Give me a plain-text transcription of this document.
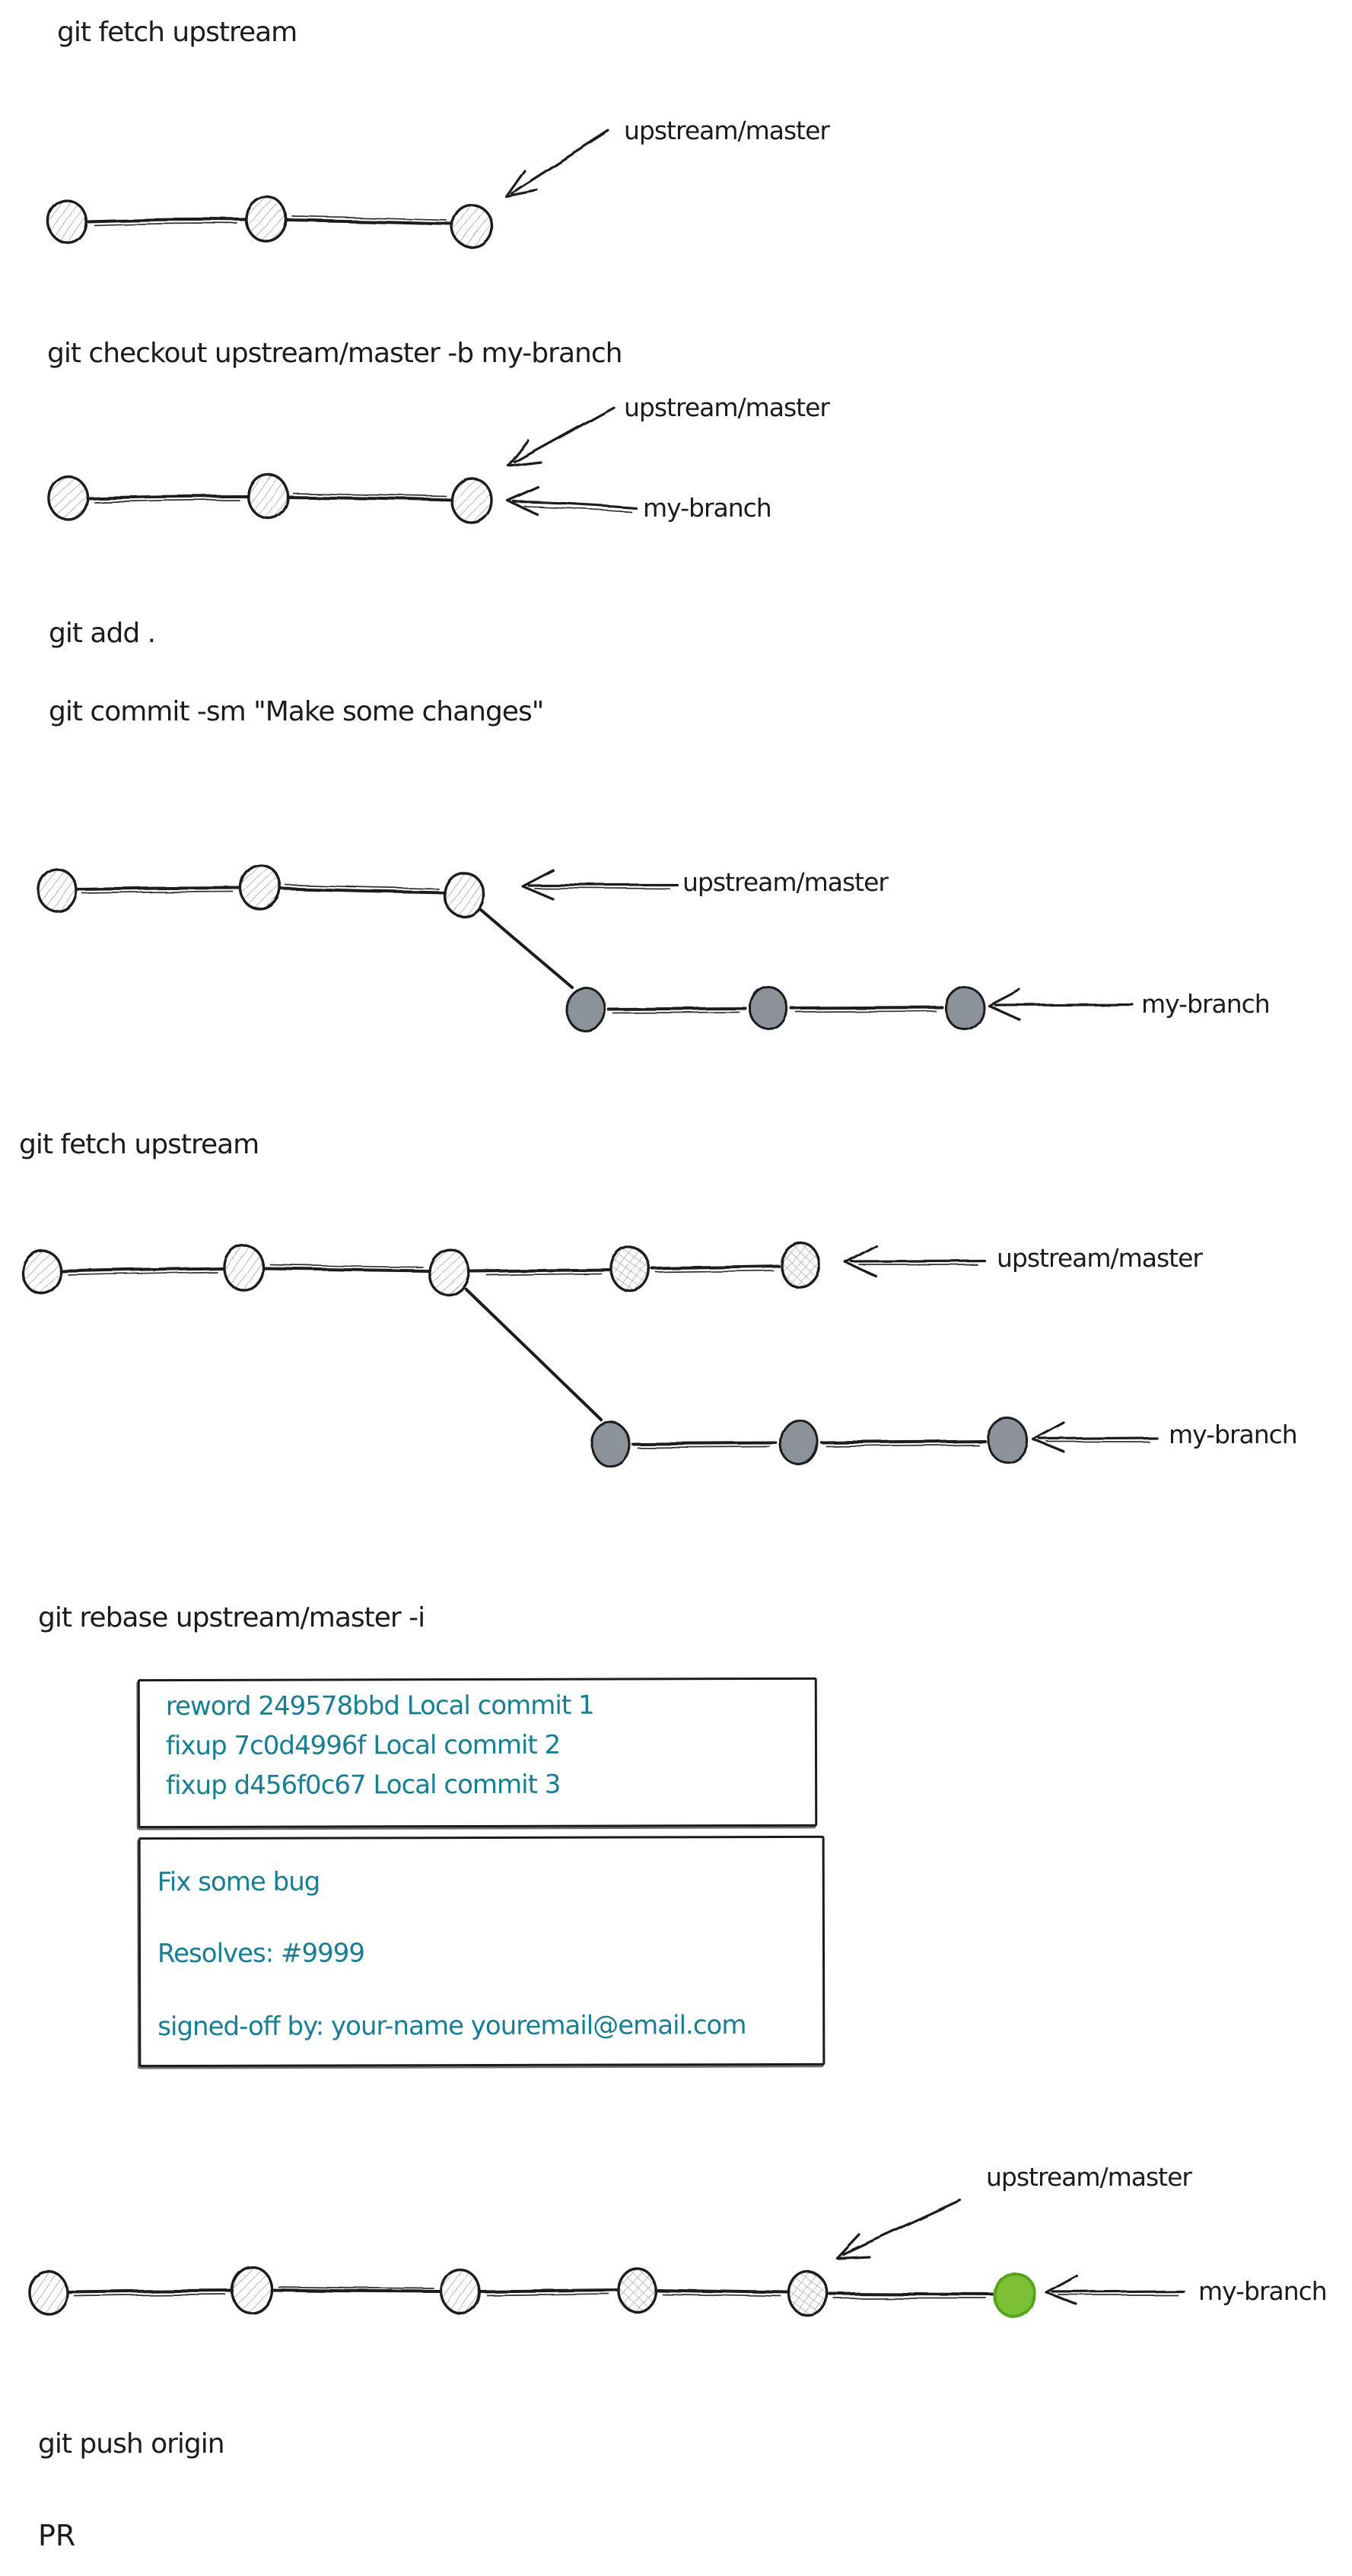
git fetch upstream
upstream/master
git checkout upstream/master -b my-branch
upstream/master
my-branch
git add .
git commit -sm "Make some changes"
upstream/master
my-branch
git fetch upstream
upstream/master
my-branch
git rebase upstream/master -i
reword 249578bbd Local commit 1
fixup 7c0d4996f Local commit 2
fixup d456f0c67 Local commit 3
Fix some bug
Resolves: #9999
signed-off by: your-name youremail@email.com
upstream/master
my-branch
git push origin
PR
